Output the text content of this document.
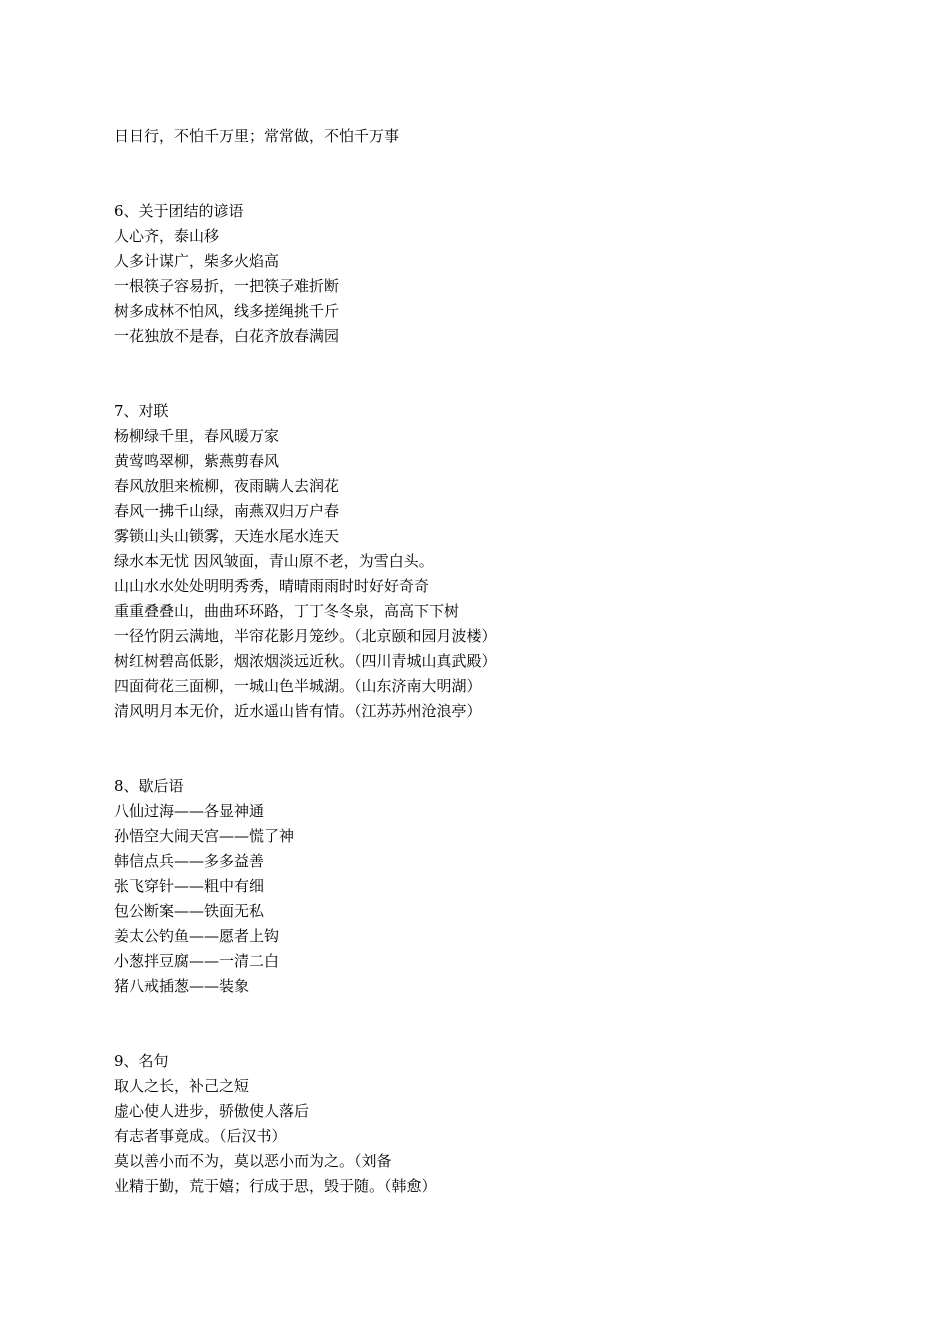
日日行，不怕千万里；常常做，不怕千万事
6、关于团结的谚语
人心齐，泰山移
人多计谋广，柴多火焰高
一根筷子容易折，一把筷子难折断
树多成林不怕风，线多搓绳挑千斤
一花独放不是春，白花齐放春满园
7、对联
杨柳绿千里，春风暖万家
黄莺鸣翠柳，紫燕剪春风
春风放胆来梳柳，夜雨瞒人去润花
春风一拂千山绿，南燕双归万户春
雾锁山头山锁雾，天连水尾水连天
绿水本无忧 因风皱面，青山原不老，为雪白头。
山山水水处处明明秀秀，晴晴雨雨时时好好奇奇
重重叠叠山，曲曲环环路，丁丁冬冬泉，高高下下树
一径竹阴云满地，半帘花影月笼纱。（北京颐和园月波楼）
树红树碧高低影，烟浓烟淡远近秋。（四川青城山真武殿）
四面荷花三面柳，一城山色半城湖。（山东济南大明湖）
清风明月本无价，近水遥山皆有情。（江苏苏州沧浪亭）
8、歇后语
八仙过海——各显神通
孙悟空大闹天宫——慌了神
韩信点兵——多多益善
张飞穿针——粗中有细
包公断案——铁面无私
姜太公钓鱼——愿者上钩
小葱拌豆腐——一清二白
猪八戒插葱——装象
9、名句
取人之长，补己之短
虚心使人进步，骄傲使人落后
有志者事竟成。（后汉书）
莫以善小而不为，莫以恶小而为之。（刘备
业精于勤，荒于嬉；行成于思，毁于随。（韩愈）
